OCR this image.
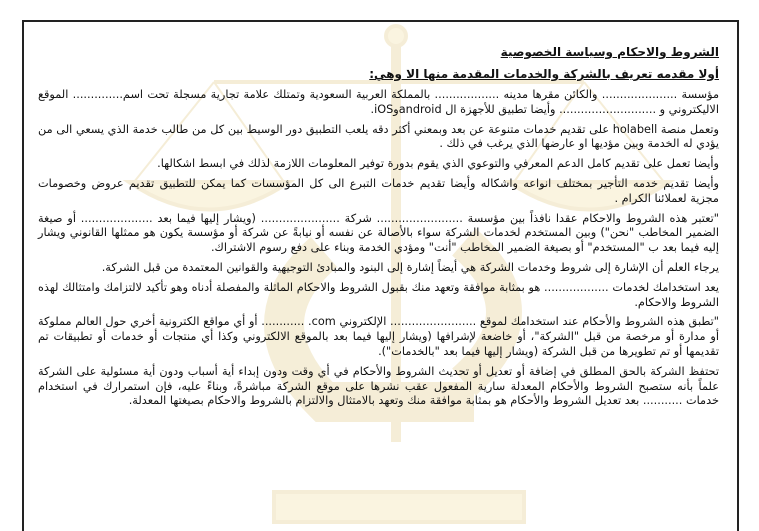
الشروط والاحكام وسياسة الخصوصية

أولا مقدمه تعريف بالشركة والخدمات المقدمة منها الا وهي:

مؤسسة ..................... والكائن مقرها مدينه .................. بالمملكة العربية السعودية وتمتلك علامة تجارية مسجلة تحت اسم.............. الموقع الاليكتروني و ........................... وأيضا تطبيق للأجهزة ال androidوiOS.

وتعمل منصة holabell على تقديم خدمات متنوعة عن بعد وبمعني أكثر دقه يلعب التطبيق دور الوسيط بين كل من طالب خدمة الذي يسعي الى من يؤدي له الخدمة وبين مؤديها او عارضها الذي يرغب في ذلك .

وأيضا تعمل على تقديم كامل الدعم المعرفي والتوعوي الذي يقوم بدورة توفير المعلومات اللازمة لذلك في ابسط اشكالها.

وأيضا تقديم خدمه التأجير بمختلف انواعه واشكاله وأيضا تقديم خدمات التبرع الى كل المؤسسات كما يمكن للتطبيق تقديم عروض وخصومات مجزية لعملائنا الكرام .

"تعتبر هذه الشروط والاحكام عقدا نافذاً بين مؤسسة ........................ شركة ...................... (ويشار إليها فيما بعد .................... أو صيغة الضمير المخاطب "نحن") وبين المستخدم لخدمات الشركة سواء بالأصالة عن نفسه أو نيابةً عن شركة أو مؤسسة يكون هو ممثلها القانوني ويشار إليه فيما بعد ب "المستخدم" أو بصيغة الضمير المخاطب "أنت" ومؤدي الخدمة وبناء على دفع رسوم الاشتراك.

يرجاء العلم أن الإشارة إلى شروط وخدمات الشركة هي أيضاً إشارة إلى البنود والمبادئ التوجيهية والقوانين المعتمدة من قبل الشركة.

يعد استخدامك لخدمات .................. هو بمثابة موافقة وتعهد منك بقبول الشروط والاحكام الماثلة والمفصلة أدناه وهو تأكيد لالتزامك وامتثالك لهذه الشروط والاحكام.

"تطبق هذه الشروط والأحكام عند استخدامك لموقع ........................ الإلكتروني com. ............ أو أي مواقع الكترونية أخري حول العالم مملوكة أو مدارة أو مرخصة من قبل "الشركة"، أو خاضعة لإشرافها (ويشار إليها فيما بعد بالموقع الالكتروني وكذا أي منتجات أو خدمات أو تطبيقات تم تقديمها أو تم تطويرها من قبل الشركة (ويشار إليها فيما بعد "بالخدمات").

تحتفظ الشركة بالحق المطلق في إضافة أو تعديل أو تحديث الشروط والأحكام في أي وقت ودون إبداء أية أسباب ودون أية مسئولية على الشركة علماً بأنه ستصبح الشروط والأحكام المعدلة سارية المفعول عقب نشرها على موقع الشركة مباشرةً، وبناءً عليه، فإن استمرارك في استخدام خدمات ........... بعد تعديل الشروط والأحكام هو بمثابة موافقة منك وتعهد بالامتثال والالتزام بالشروط والاحكام بصيغتها المعدلة.
